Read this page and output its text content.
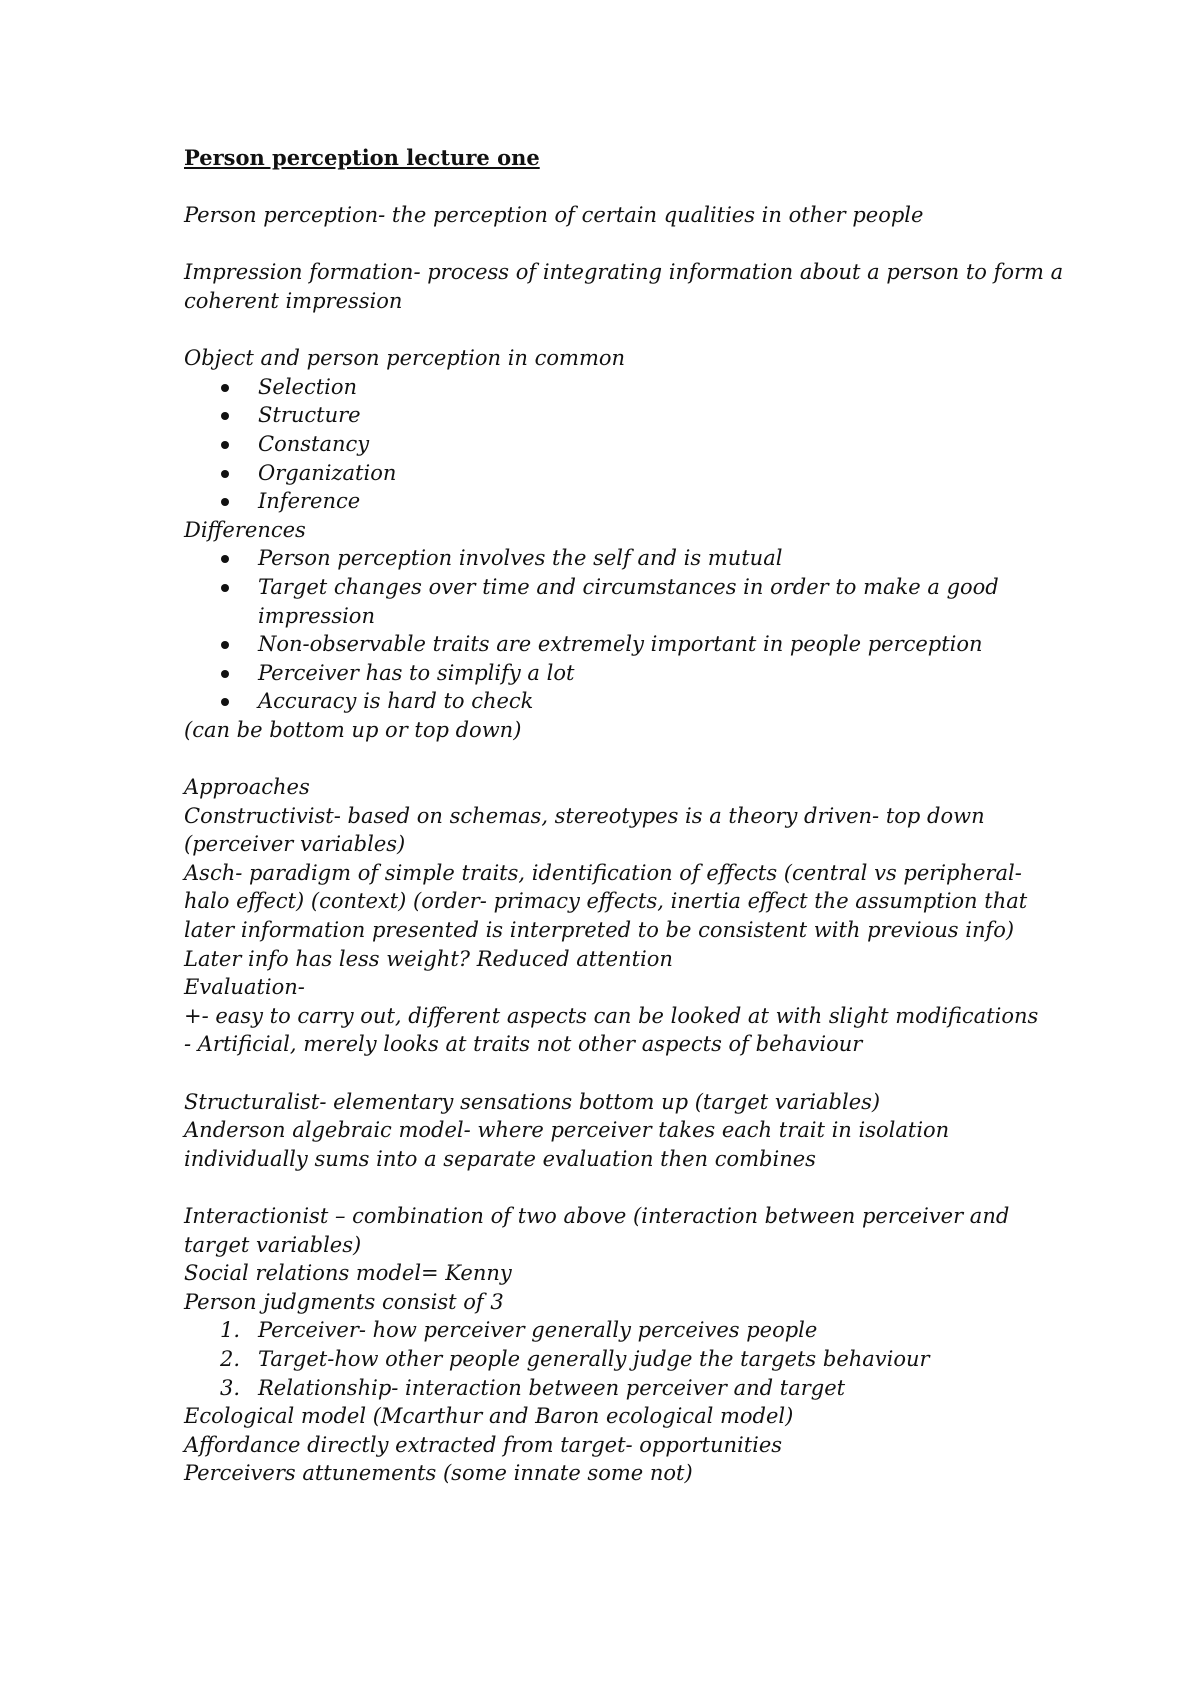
Person perception lecture one

Person perception- the perception of certain qualities in other people

Impression formation- process of integrating information about a person to form a coherent impression

Object and person perception in common

Selection
Structure
Constancy
Organization
Inference

Differences

Person perception involves the self and is mutual
Target changes over time and circumstances in order to make a good impression
Non-observable traits are extremely important in people perception
Perceiver has to simplify a lot
Accuracy is hard to check

(can be bottom up or top down)

Approaches

Constructivist- based on schemas, stereotypes is a theory driven- top down (perceiver variables)

Asch- paradigm of simple traits, identification of effects (central vs peripheral- halo effect) (context) (order- primacy effects, inertia effect the assumption that later information presented is interpreted to be consistent with previous info) Later info has less weight? Reduced attention

Evaluation-

+- easy to carry out, different aspects can be looked at with slight modifications

- Artificial, merely looks at traits not other aspects of behaviour

Structuralist- elementary sensations bottom up (target variables)

Anderson algebraic model- where perceiver takes each trait in isolation individually sums into a separate evaluation then combines

Interactionist – combination of two above (interaction between perceiver and target variables)

Social relations model= Kenny

Person judgments consist of 3

1. Perceiver- how perceiver generally perceives people
2. Target-how other people generally judge the targets behaviour
3. Relationship- interaction between perceiver and target

Ecological model (Mcarthur and Baron ecological model)

Affordance directly extracted from target- opportunities

Perceivers attunements (some innate some not)
